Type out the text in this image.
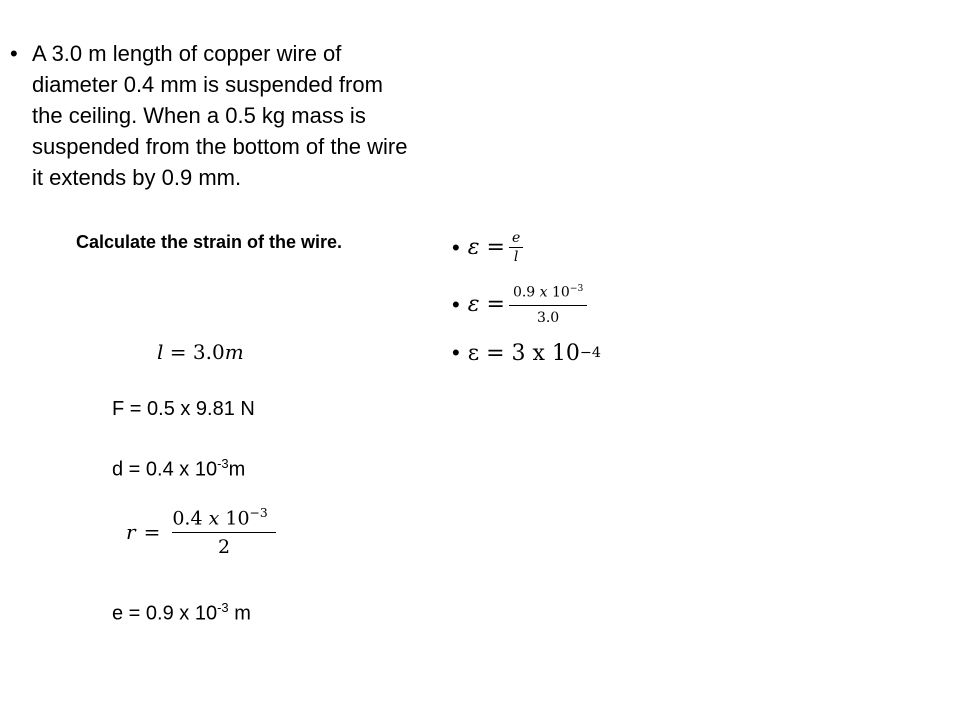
• A 3.0 m length of copper wire of diameter 0.4 mm is suspended from the ceiling. When a 0.5 kg mass is suspended from the bottom of the wire it extends by 0.9 mm.
Calculate the strain of the wire.
l = 3.0m
F = 0.5 x 9.81 N
d = 0.4 x $10^{-3}m$
$r = \frac{0.4 x 10^{-3}}{2}$
e = 0.9 x $10^{-3}$ m
• $\varepsilon = \frac{e}{l}$
• $\varepsilon = \frac{0.9 x 10^{-3}}{3.0}$
• ε = 3 x 10 −4
